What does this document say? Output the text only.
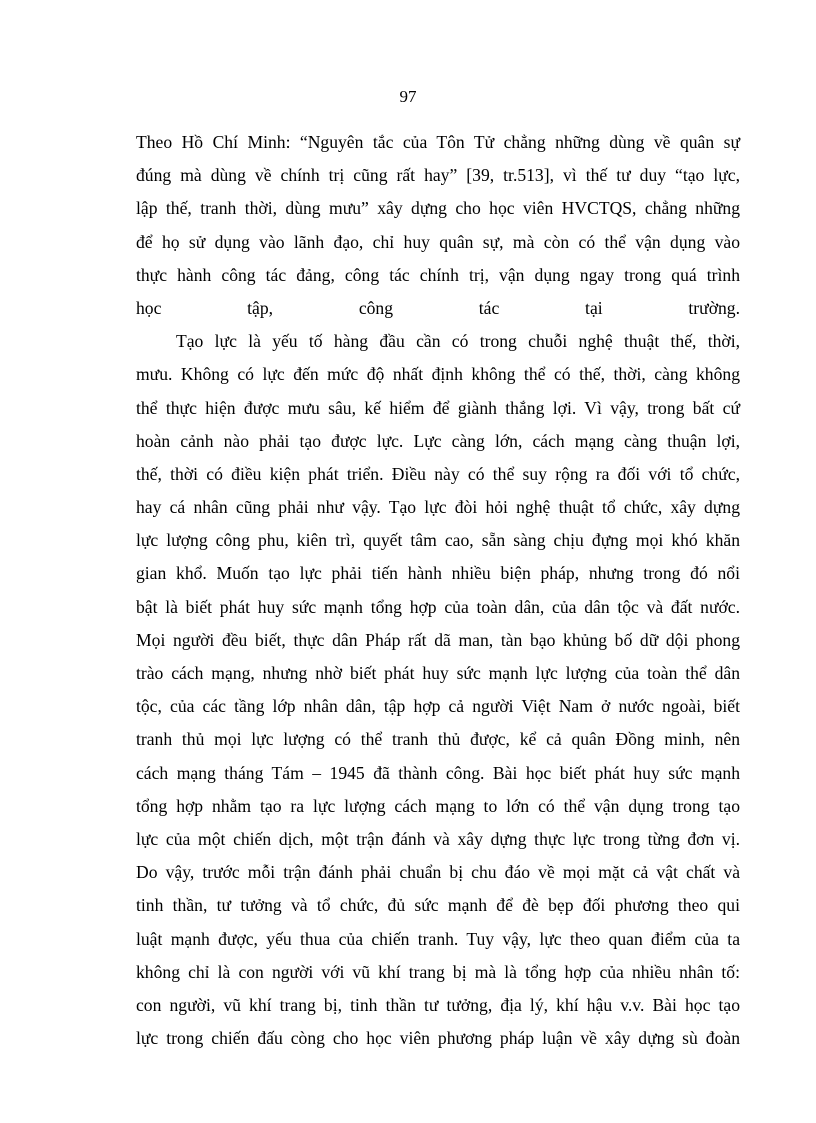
97
Theo Hồ Chí Minh: “Nguyên tắc của Tôn Tử chẳng những dùng về quân sự
đúng mà dùng về chính trị cũng rất hay” [39, tr.513], vì thế tư duy “tạo lực,
lập thế, tranh thời, dùng mưu” xây dựng cho học viên HVCTQS, chẳng những
để họ sử dụng vào lãnh đạo, chỉ huy quân sự, mà còn có thể vận dụng vào
thực hành công tác đảng, công tác chính trị, vận dụng ngay trong quá trình
học tập, công tác tại trường.
Tạo lực là yếu tố hàng đầu cần có trong chuỗi nghệ thuật thế, thời,
mưu. Không có lực đến mức độ nhất định không thể có thế, thời, càng không
thể thực hiện được mưu sâu, kế hiểm để giành thắng lợi. Vì vậy, trong bất cứ
hoàn cảnh nào phải tạo được lực. Lực càng lớn, cách mạng càng thuận lợi,
thế, thời có điều kiện phát triển. Điều này có thể suy rộng ra đối với tổ chức,
hay cá nhân cũng phải như vậy. Tạo lực đòi hỏi nghệ thuật tổ chức, xây dựng
lực lượng công phu, kiên trì, quyết tâm cao, sẵn sàng chịu đựng mọi khó khăn
gian khổ. Muốn tạo lực phải tiến hành nhiều biện pháp, nhưng trong đó nổi
bật là biết phát huy sức mạnh tổng hợp của toàn dân, của dân tộc và đất nước.
Mọi người đều biết, thực dân Pháp rất dã man, tàn bạo khủng bố dữ dội phong
trào cách mạng, nhưng nhờ biết phát huy sức mạnh lực lượng của toàn thể dân
tộc, của các tầng lớp nhân dân, tập hợp cả người Việt Nam ở nước ngoài, biết
tranh thủ mọi lực lượng có thể tranh thủ được, kể cả quân Đồng minh, nên
cách mạng tháng Tám – 1945 đã thành công. Bài học biết phát huy sức mạnh
tổng hợp nhằm tạo ra lực lượng cách mạng to lớn có thể vận dụng trong tạo
lực của một chiến dịch, một trận đánh và xây dựng thực lực trong từng đơn vị.
Do vậy, trước mỗi trận đánh phải chuẩn bị chu đáo về mọi mặt cả vật chất và
tinh thần, tư tưởng và tổ chức, đủ sức mạnh để đè bẹp đối phương theo qui
luật mạnh được, yếu thua của chiến tranh. Tuy vậy, lực theo quan điểm của ta
không chỉ là con người với vũ khí trang bị mà là tổng hợp của nhiều nhân tố:
con người, vũ khí trang bị, tinh thần tư tưởng, địa lý, khí hậu v.v. Bài học tạo
lực trong chiến đấu còng cho học viên phương pháp luận về xây dựng sù đoàn
